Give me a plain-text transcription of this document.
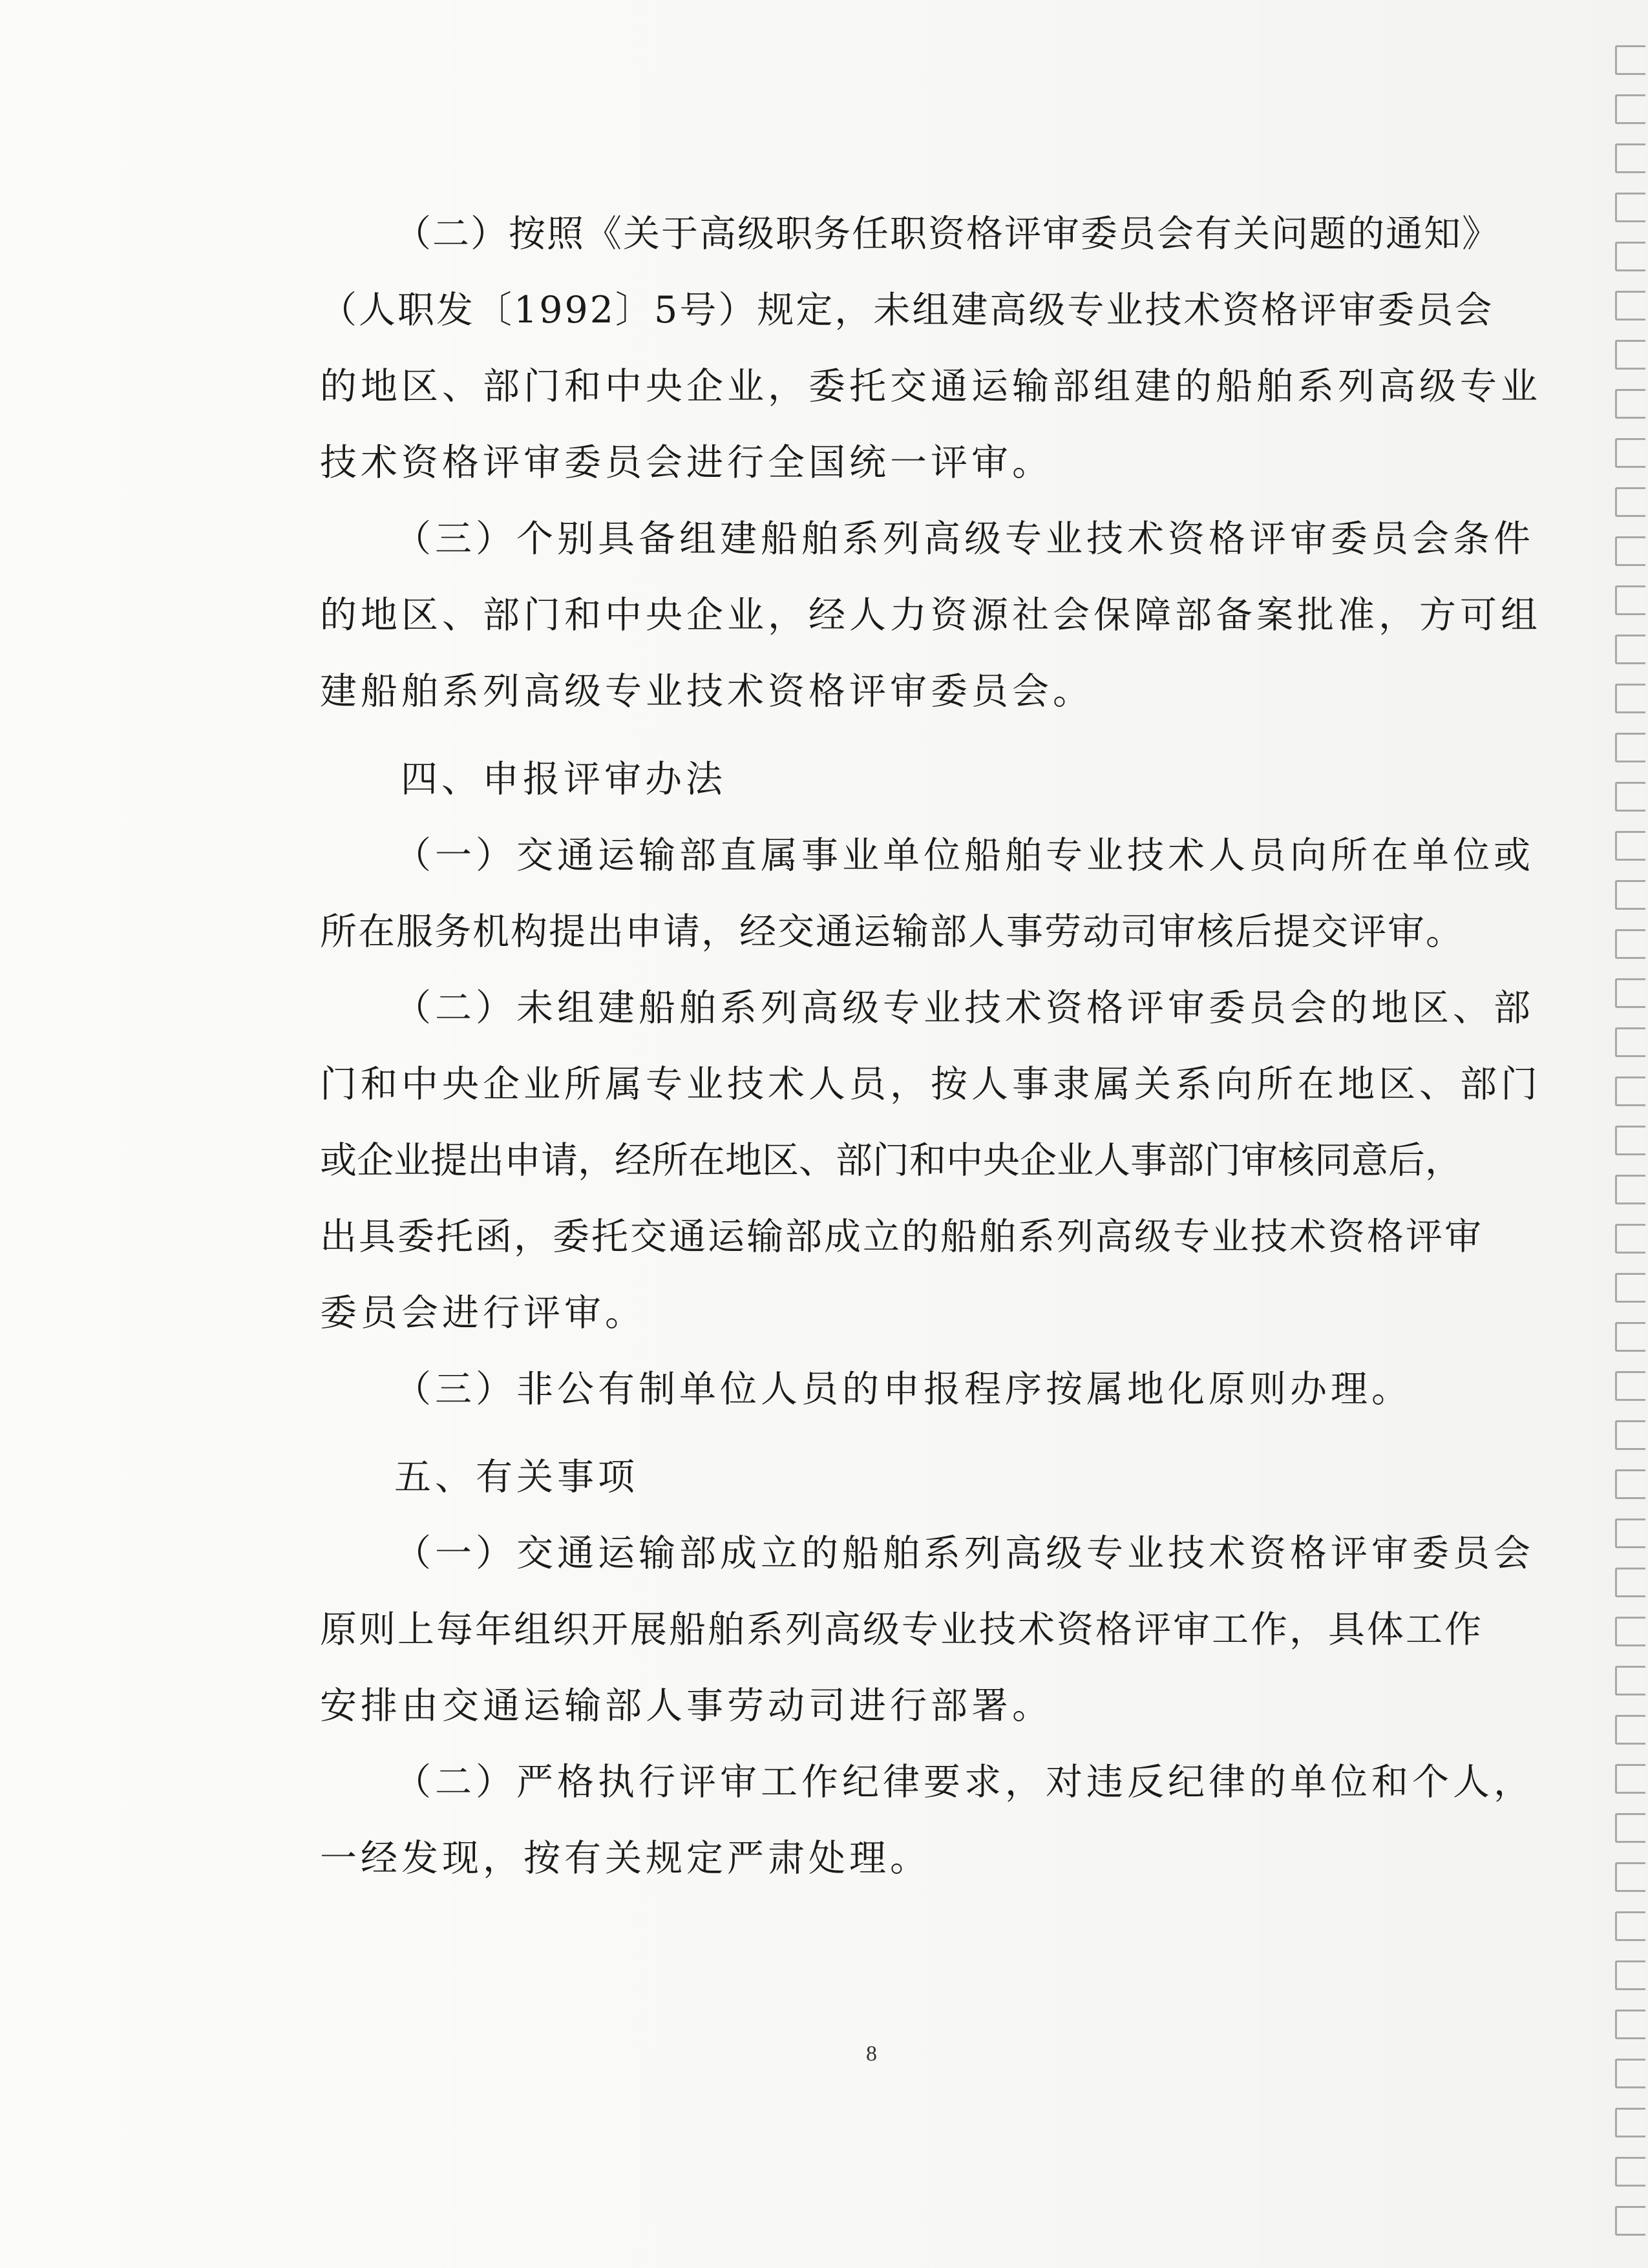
（二）按照《关于高级职务任职资格评审委员会有关问题的通知》
（人职发〔1992〕5号）规定，未组建高级专业技术资格评审委员会
的地区、部门和中央企业，委托交通运输部组建的船舶系列高级专业
技术资格评审委员会进行全国统一评审。
（三）个别具备组建船舶系列高级专业技术资格评审委员会条件
的地区、部门和中央企业，经人力资源社会保障部备案批准，方可组
建船舶系列高级专业技术资格评审委员会。
四、申报评审办法
（一）交通运输部直属事业单位船舶专业技术人员向所在单位或
所在服务机构提出申请，经交通运输部人事劳动司审核后提交评审。
（二）未组建船舶系列高级专业技术资格评审委员会的地区、部
门和中央企业所属专业技术人员，按人事隶属关系向所在地区、部门
或企业提出申请，经所在地区、部门和中央企业人事部门审核同意后，
出具委托函，委托交通运输部成立的船舶系列高级专业技术资格评审
委员会进行评审。
（三）非公有制单位人员的申报程序按属地化原则办理。
五、有关事项
（一）交通运输部成立的船舶系列高级专业技术资格评审委员会
原则上每年组织开展船舶系列高级专业技术资格评审工作，具体工作
安排由交通运输部人事劳动司进行部署。
（二）严格执行评审工作纪律要求，对违反纪律的单位和个人，
一经发现，按有关规定严肃处理。
8
